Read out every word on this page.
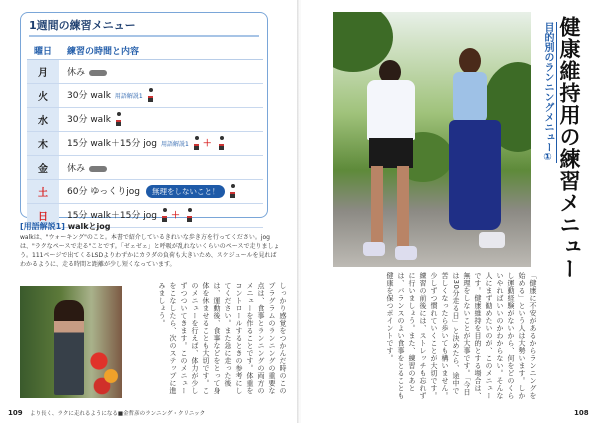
1週間の練習メニュー
曜日	練習の時間と内容
月	休み
火	30分 walk 用語解説1
水	30分 walk
木	15分 walk＋15分 jog 用語解説1 ＋
金	休み
土	60分 ゆっくりjog 無理をしないこと！
日	15分 walk＋15分 jog ＋
[用語解説1] walkとjog
walkは、"ウォーキング"のこと。本書で紹介しているきれいな歩き方を行ってください。jogは、"ラクなペースで走る"ことです。「ゼェゼェ」と呼吸が乱れないくらいのペースで走りましょう。111ページで出てくるLSDよりわずかにカラダの負荷も大きいため、スケジュールを見ればわかるように、走る時間と距離が少し短くなっています。
しっかり感覚をつかんだ時のこのプラグラムのランニングの重要な点は、食事とランニングの両方のメニューを作ることです。体重をコントロールするときの参考にしてください。また急に走った後は、運動後、食事などをとって身体を休ませることも大切です。このメニューを行えば、体力が少しずつついてきます。このメニューをこなしたら、次のステップに進みましょう。
109 より長く、ラクに走れるようになる■金哲彦のランニング・クリニック
「健康に不安があるからランニングを始める」という人は大勢います。しかし運動経験がないから、何をどのくらいやればいいのかわからない。そんな人にまず勧めたいのが、このメニューです。健康維持を目的とする場合は、無理をしないことが大事です。「今日は30分走る日」と決めたら、途中で苦しくなったら歩いても構いません。少しずつ慣れていくことが大切です。練習の前後には、ストレッチも忘れずに行いましょう。また、練習のあとは、バランスのよい食事をとることも健康を保つポイントです。
目的別のランニングメニュー① 健康維持用の練習メニュー
108
